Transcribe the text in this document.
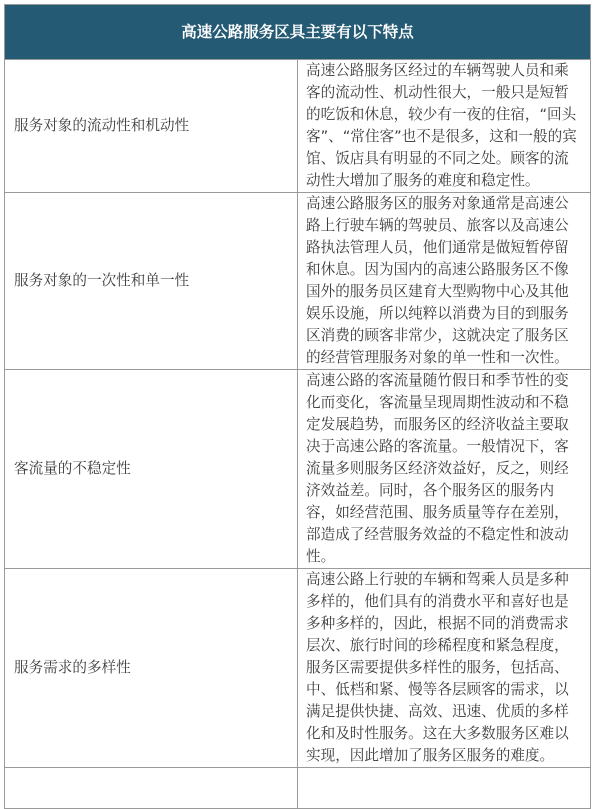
高速公路服务区具主要有以下特点	
服务对象的流动性和机动性	高速公路服务区经过的车辆驾驶人员和乘客的流动性、机动性很大，一般只是短暂的吃饭和休息，较少有一夜的住宿，“回头客”、“常住客”也不是很多，这和一般的宾馆、饭店具有明显的不同之处。顾客的流动性大增加了服务的难度和稳定性。
服务对象的一次性和单一性	高速公路服务区的服务对象通常是高速公路上行驶车辆的驾驶员、旅客以及高速公路执法管理人员，他们通常是做短暂停留和休息。因为国内的高速公路服务区不像国外的服务员区建育大型购物中心及其他娱乐设施，所以纯粹以消费为目的到服务区消费的顾客非常少，这就决定了服务区的经营管理服务对象的单一性和一次性。
客流量的不稳定性	高速公路的客流量随竹假日和季节性的变化而变化，客流量呈现周期性波动和不稳定发展趋势，而服务区的经济收益主要取决于高速公路的客流量。一般情况下，客流量多则服务区经济效益好，反之，则经济效益差。同时，各个服务区的服务内容，如经营范围、服务质量等存在差别，部造成了经营服务效益的不稳定性和波动性。
服务需求的多样性	高速公路上行驶的车辆和驾乘人员是多种多样的，他们具有的消费水平和喜好也是多种多样的，因此，根据不同的消费需求层次、旅行时间的珍稀程度和紧急程度，服务区需要提供多样性的服务，包括高、中、低档和紧、慢等各层顾客的需求，以满足提供快捷、高效、迅速、优质的多样化和及时性服务。这在大多数服务区难以实现，因此增加了服务区服务的难度。
